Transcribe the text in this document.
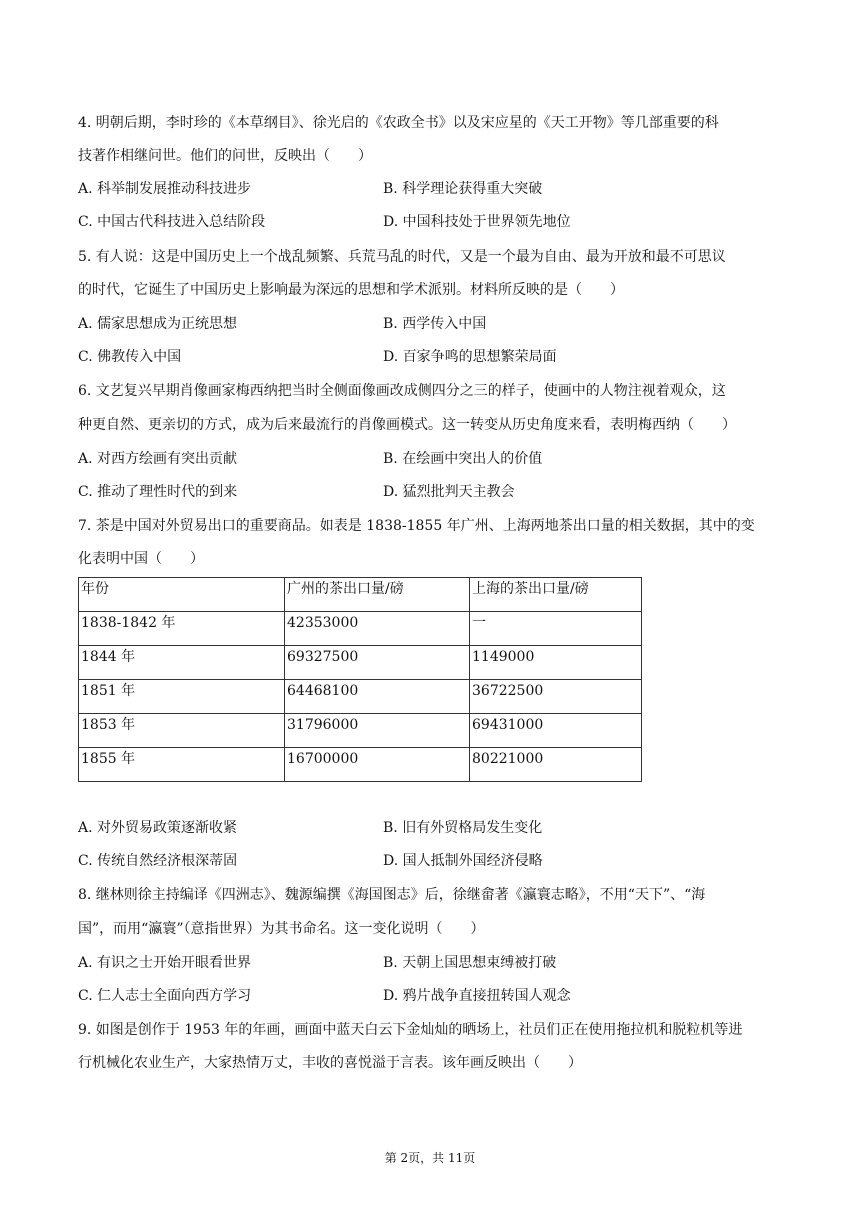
4. 明朝后期，李时珍的《本草纲目》、徐光启的《农政全书》以及宋应星的《天工开物》等几部重要的科
技著作相继问世。他们的问世，反映出（　　）
A. 科举制发展推动科技进步	B. 科学理论获得重大突破
C. 中国古代科技进入总结阶段	D. 中国科技处于世界领先地位
5. 有人说：这是中国历史上一个战乱频繁、兵荒马乱的时代，又是一个最为自由、最为开放和最不可思议
的时代，它诞生了中国历史上影响最为深远的思想和学术派别。材料所反映的是（　　）
A. 儒家思想成为正统思想	B. 西学传入中国
C. 佛教传入中国	D. 百家争鸣的思想繁荣局面
6. 文艺复兴早期肖像画家梅西纳把当时全侧面像画改成侧四分之三的样子，使画中的人物注视着观众，这
种更自然、更亲切的方式，成为后来最流行的肖像画模式。这一转变从历史角度来看，表明梅西纳（　　）
A. 对西方绘画有突出贡献	B. 在绘画中突出人的价值
C. 推动了理性时代的到来	D. 猛烈批判天主教会
7. 茶是中国对外贸易出口的重要商品。如表是 1838-1855 年广州、上海两地茶出口量的相关数据，其中的变
化表明中国（　　）
年份	广州的茶出口量/磅	上海的茶出口量/磅
1838-1842 年	42353000	一
1844 年	69327500	1149000
1851 年	64468100	36722500
1853 年	31796000	69431000
1855 年	16700000	80221000
A. 对外贸易政策逐渐收紧	B. 旧有外贸格局发生变化
C. 传统自然经济根深蒂固	D. 国人抵制外国经济侵略
8. 继林则徐主持编译《四洲志》、魏源编撰《海国图志》后，徐继畲著《瀛寰志略》，不用“天下”、“海
国”，而用“瀛寰”（意指世界）为其书命名。这一变化说明（　　）
A. 有识之士开始开眼看世界	B. 天朝上国思想束缚被打破
C. 仁人志士全面向西方学习	D. 鸦片战争直接扭转国人观念
9. 如图是创作于 1953 年的年画，画面中蓝天白云下金灿灿的晒场上，社员们正在使用拖拉机和脱粒机等进
行机械化农业生产，大家热情万丈，丰收的喜悦溢于言表。该年画反映出（　　）
第 2页，共 11页
